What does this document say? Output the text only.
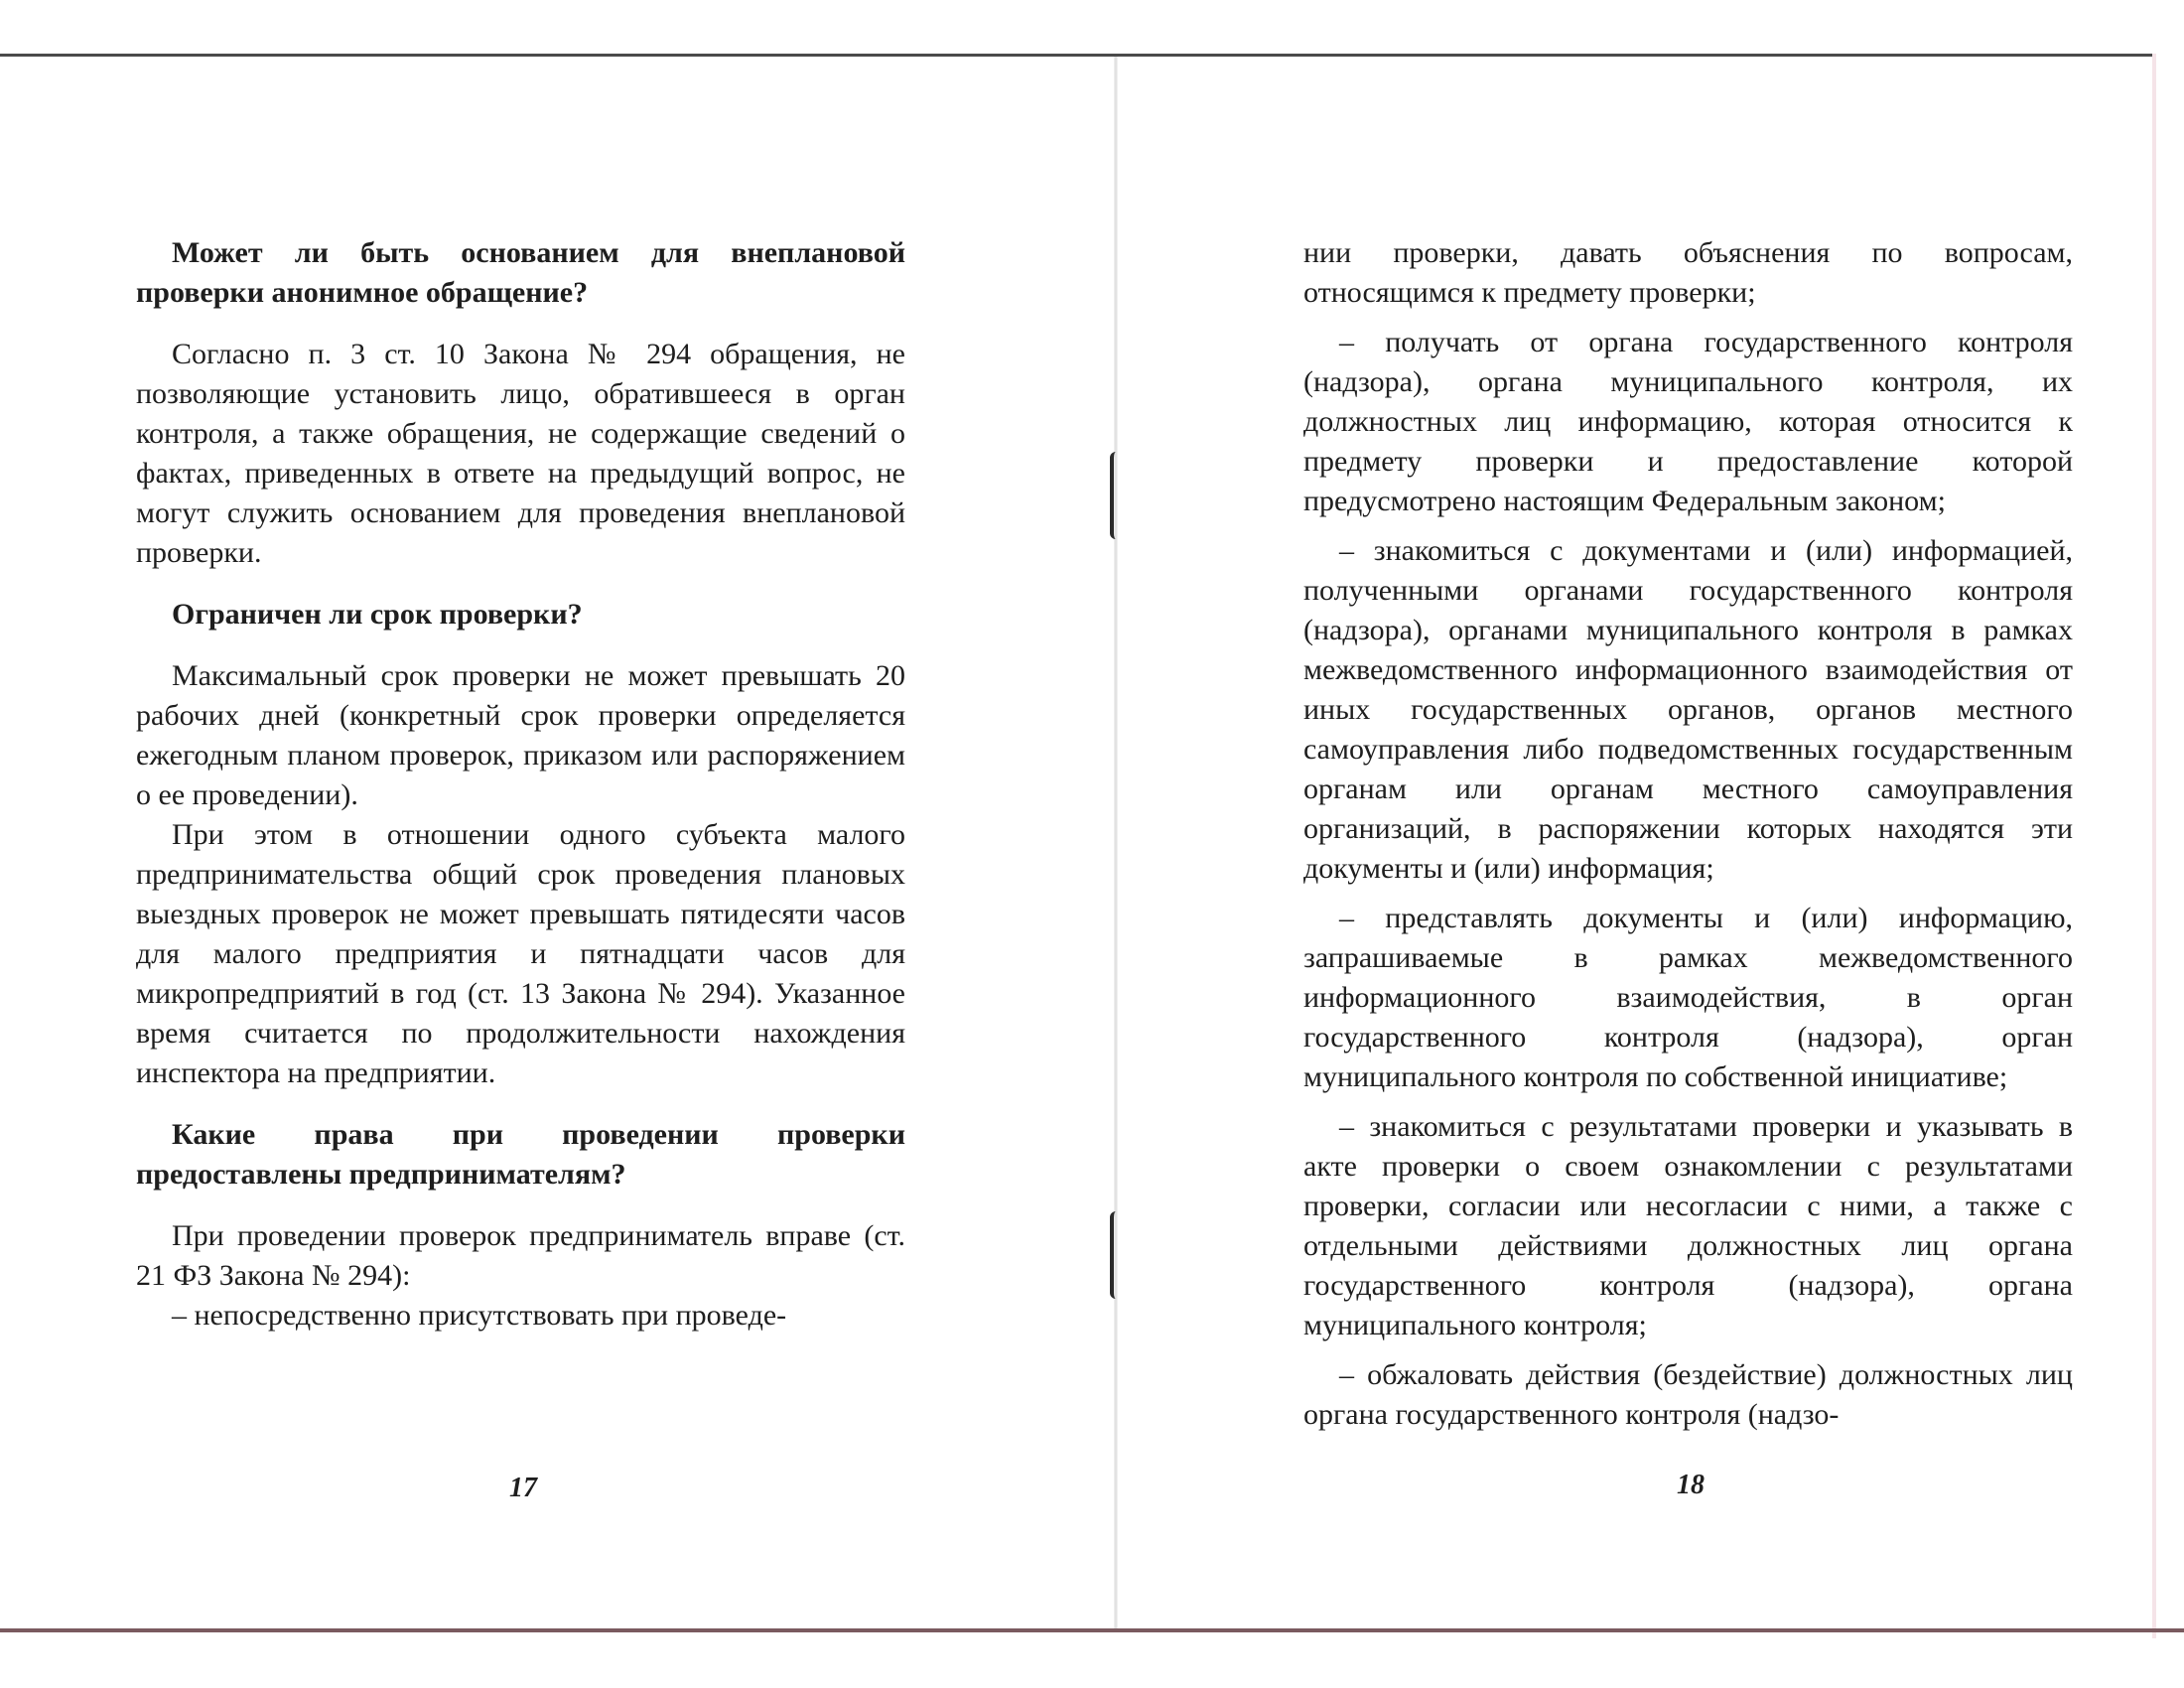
Может ли быть основанием для внеплановой проверки анонимное обращение?

Согласно п. 3 ст. 10 Закона № 294 обращения, не позволяющие установить лицо, обратившееся в орган контроля, а также обращения, не содержащие сведений о фактах, приведенных в ответе на предыдущий вопрос, не могут служить основанием для проведения внеплановой проверки.

Ограничен ли срок проверки?

Максимальный срок проверки не может превышать 20 рабочих дней (конкретный срок проверки определяется ежегодным планом проверок, приказом или распоряжением о ее проведении).

При этом в отношении одного субъекта малого предпринимательства общий срок проведения плановых выездных проверок не может превышать пятидесяти часов для малого предприятия и пятнадцати часов для микропредприятий в год (ст. 13 Закона № 294). Указанное время считается по продолжительности нахождения инспектора на предприятии.

Какие права при проведении проверки предоставлены предпринимателям?

При проведении проверок предприниматель вправе (ст. 21 ФЗ Закона № 294):

– непосредственно присутствовать при проведе-

17

нии проверки, давать объяснения по вопросам, относящимся к предмету проверки;

– получать от органа государственного контроля (надзора), органа муниципального контроля, их должностных лиц информацию, которая относится к предмету проверки и предоставление которой предусмотрено настоящим Федеральным законом;

– знакомиться с документами и (или) информацией, полученными органами государственного контроля (надзора), органами муниципального контроля в рамках межведомственного информационного взаимодействия от иных государственных органов, органов местного самоуправления либо подведомственных государственным органам или органам местного самоуправления организаций, в распоряжении которых находятся эти документы и (или) информация;

– представлять документы и (или) информацию, запрашиваемые в рамках межведомственного информационного взаимодействия, в орган государственного контроля (надзора), орган муниципального контроля по собственной инициативе;

– знакомиться с результатами проверки и указывать в акте проверки о своем ознакомлении с результатами проверки, согласии или несогласии с ними, а также с отдельными действиями должностных лиц органа государственного контроля (надзора), органа муниципального контроля;

– обжаловать действия (бездействие) должностных лиц органа государственного контроля (надзо-

18
